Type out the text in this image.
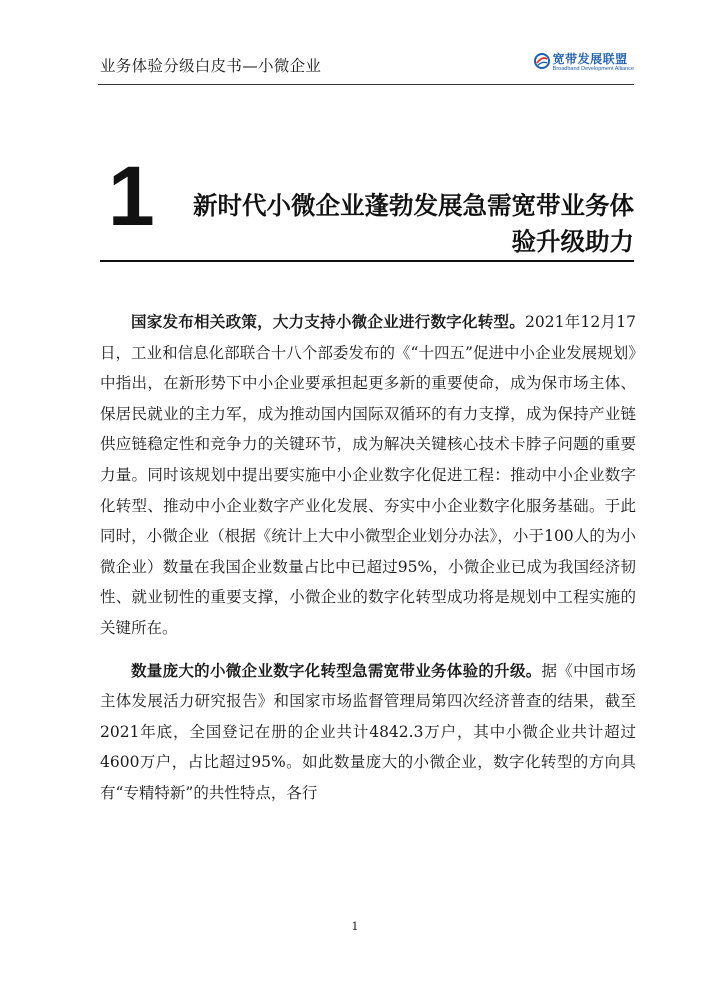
业务体验分级白皮书—小微企业	宽带发展联盟
Broadband Development Alliance
1	新时代小微企业蓬勃发展急需宽带业务体
验升级助力

国家发布相关政策，大力支持小微企业进行数字化转型。2021年12月17日，工业和信息化部联合十八个部委发布的《“十四五”促进中小企业发展规划》中指出，在新形势下中小企业要承担起更多新的重要使命，成为保市场主体、保居民就业的主力军，成为推动国内国际双循环的有力支撑，成为保持产业链供应链稳定性和竞争力的关键环节，成为解决关键核心技术卡脖子问题的重要力量。同时该规划中提出要实施中小企业数字化促进工程：推动中小企业数字化转型、推动中小企业数字产业化发展、夯实中小企业数字化服务基础。于此同时，小微企业（根据《统计上大中小微型企业划分办法》，小于100人的为小微企业）数量在我国企业数量占比中已超过95%，小微企业已成为我国经济韧性、就业韧性的重要支撑，小微企业的数字化转型成功将是规划中工程实施的关键所在。

数量庞大的小微企业数字化转型急需宽带业务体验的升级。据《中国市场主体发展活力研究报告》和国家市场监督管理局第四次经济普查的结果，截至2021年底，全国登记在册的企业共计4842.3万户，其中小微企业共计超过4600万户，占比超过95%。如此数量庞大的小微企业，数字化转型的方向具有“专精特新”的共性特点，各行

1
